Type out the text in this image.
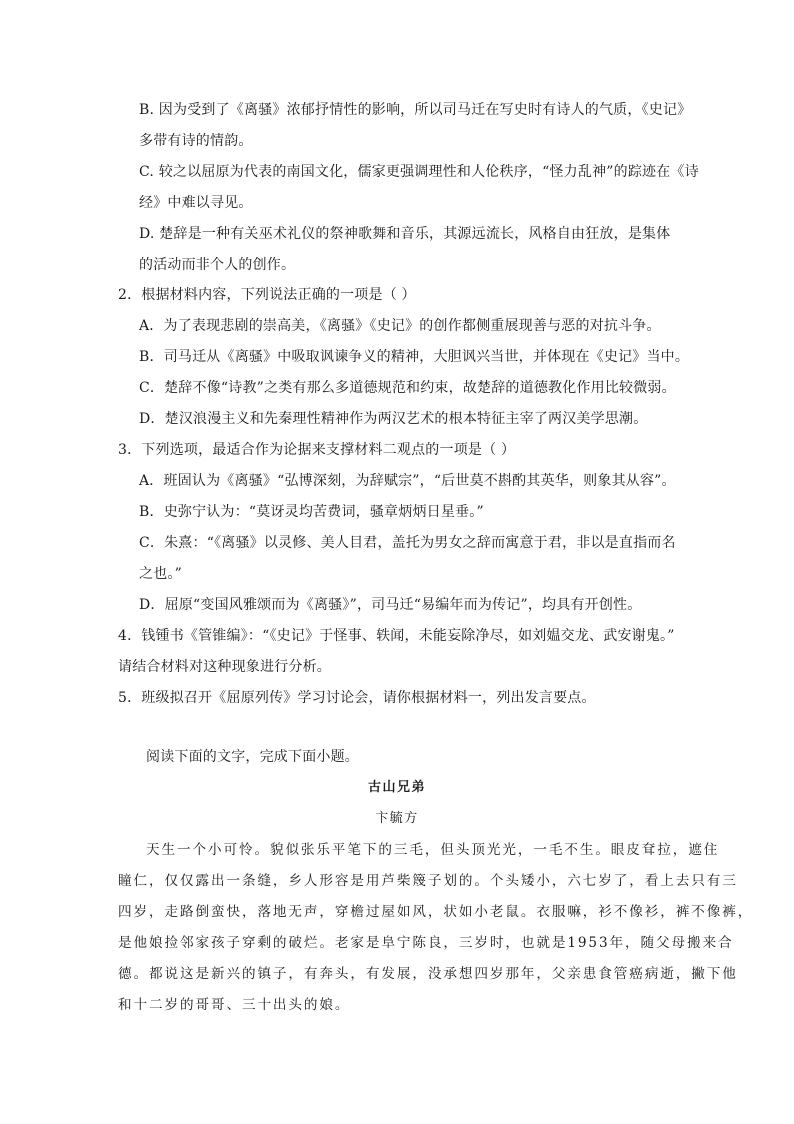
B. 因为受到了《离骚》浓郁抒情性的影响，所以司马迁在写史时有诗人的气质，《史记》
多带有诗的情韵。
C. 较之以屈原为代表的南国文化，儒家更强调理性和人伦秩序，“怪力乱神”的踪迹在《诗
经》中难以寻见。
D. 楚辞是一种有关巫术礼仪的祭神歌舞和音乐，其源远流长，风格自由狂放，是集体
的活动而非个人的创作。
2．根据材料内容，下列说法正确的一项是（ ）
A．为了表现悲剧的崇高美，《离骚》《史记》的创作都侧重展现善与恶的对抗斗争。
B．司马迁从《离骚》中吸取讽谏争义的精神，大胆讽兴当世，并体现在《史记》当中。
C．楚辞不像“诗教”之类有那么多道德规范和约束，故楚辞的道德教化作用比较微弱。
D．楚汉浪漫主义和先秦理性精神作为两汉艺术的根本特征主宰了两汉美学思潮。
3．下列选项，最适合作为论据来支撑材料二观点的一项是（ ）
A．班固认为《离骚》“弘博深刻，为辞赋宗”，“后世莫不斟酌其英华，则象其从容”。
B．史弥宁认为：“莫讶灵均苦费词，骚章炳炳日星垂。”
C．朱熹：“《离骚》以灵修、美人目君，盖托为男女之辞而寓意于君，非以是直指而名
之也。”
D．屈原“变国风雅颂而为《离骚》”，司马迁“易编年而为传记”，均具有开创性。
4．钱锺书《管锥编》：“《史记》于怪事、轶闻，未能妄除净尽，如刘媪交龙、武安谢鬼。”
请结合材料对这种现象进行分析。
5．班级拟召开《屈原列传》学习讨论会，请你根据材料一，列出发言要点。
阅读下面的文字，完成下面小题。
古山兄弟
卞毓方
天生一个小可怜。貌似张乐平笔下的三毛，但头顶光光，一毛不生。眼皮耷拉，遮住
瞳仁，仅仅露出一条缝，乡人形容是用芦柴篾子划的。个头矮小，六七岁了，看上去只有三
四岁，走路倒蛮快，落地无声，穿檐过屋如风，状如小老鼠。衣服嘛，衫不像衫，裤不像裤，
是他娘捡邻家孩子穿剩的破烂。老家是阜宁陈良，三岁时，也就是1953年，随父母搬来合
德。都说这是新兴的镇子，有奔头，有发展，没承想四岁那年，父亲患食管癌病逝，撇下他
和十二岁的哥哥、三十出头的娘。
